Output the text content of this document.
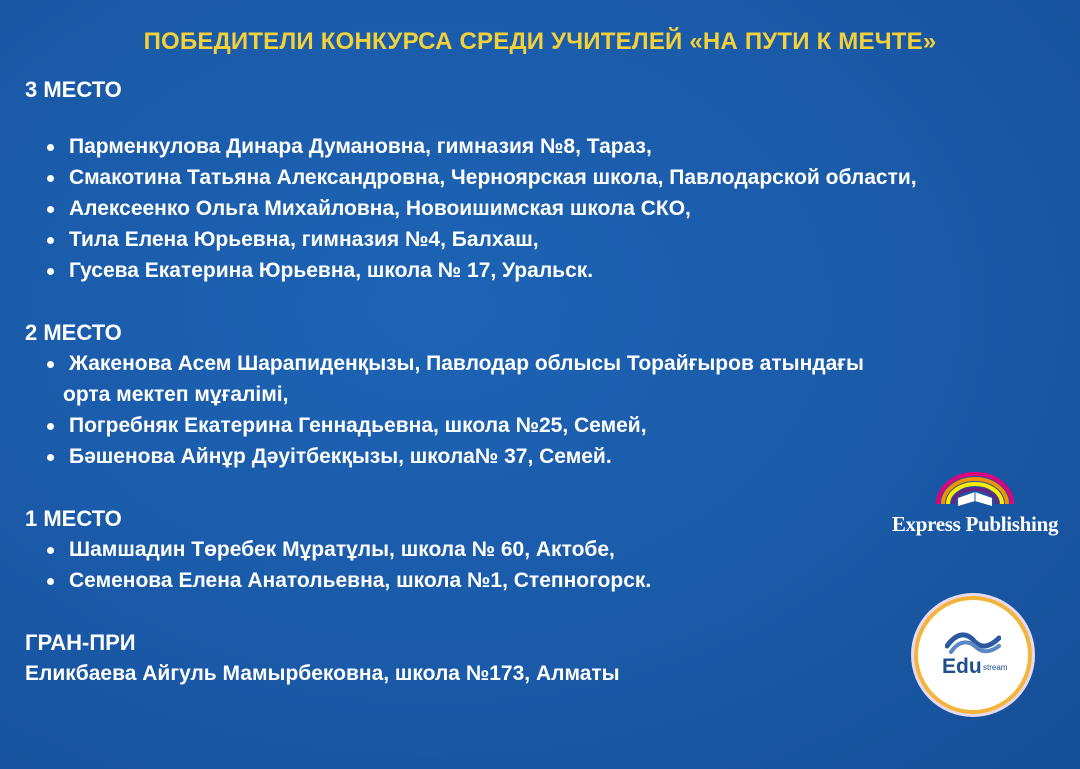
ПОБЕДИТЕЛИ КОНКУРСА СРЕДИ УЧИТЕЛЕЙ «НА ПУТИ К МЕЧТЕ»
3 МЕСТО
Парменкулова Динара Думановна, гимназия №8, Тараз,
Смакотина Татьяна Александровна, Черноярская школа, Павлодарской области,
Алексеенко Ольга Михайловна, Новоишимская школа СКО,
Тила Елена Юрьевна, гимназия №4, Балхаш,
Гусева Екатерина Юрьевна, школа № 17, Уральск.
2 МЕСТО
Жакенова Асем Шарапиденқызы, Павлодар облысы Торайғыров атындағы
орта мектеп мұғалімі,
Погребняк Екатерина Геннадьевна, школа №25, Семей,
Бәшенова Айнұр Дәуітбекқызы, школа№ 37, Семей.
1 МЕСТО
Шамшадин Төребек Мұратұлы, школа № 60, Актобе,
Семенова Елена Анатольевна, школа №1, Степногорск.
ГРАН-ПРИ
Еликбаева Айгуль Мамырбековна, школа №173, Алматы
Express Publishing
Edu stream
